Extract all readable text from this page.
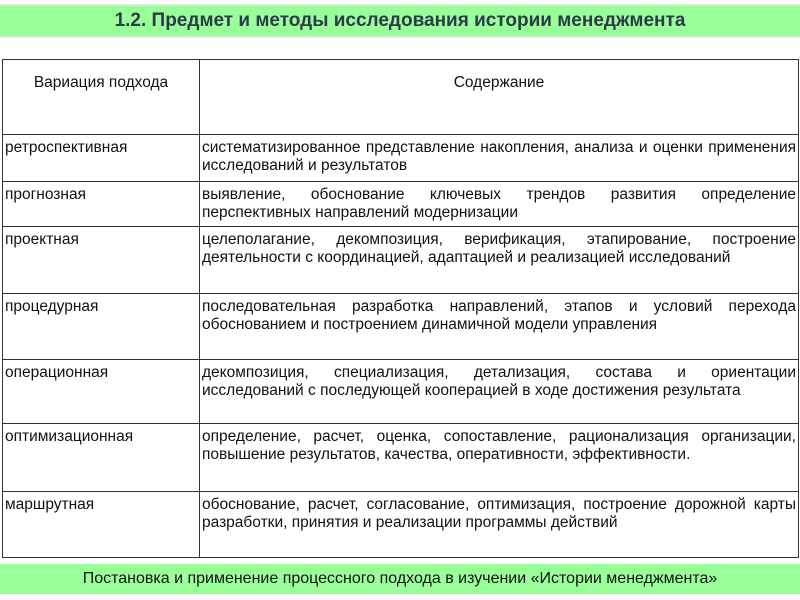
1.2. Предмет и методы исследования истории менеджмента
Вариация подхода	Содержание
ретроспективная	систематизированное представление накопления, анализа и оценки применения исследований и результатов
прогнозная	выявление, обоснование ключевых трендов развития определение перспективных направлений модернизации
проектная	целеполагание, декомпозиция, верификация, этапирование, построение деятельности с координацией, адаптацией и реализацией исследований
процедурная	последовательная разработка направлений, этапов и условий перехода обоснованием и построением динамичной модели управления
операционная	декомпозиция, специализация, детализация, состава и ориентации исследований с последующей кооперацией в ходе достижения результата
оптимизационная	определение, расчет, оценка, сопоставление, рационализация организации, повышение результатов, качества, оперативности, эффективности.
маршрутная	обоснование, расчет, согласование, оптимизация, построение дорожной карты разработки, принятия и реализации программы действий
Постановка и применение процессного подхода в изучении «Истории менеджмента»
